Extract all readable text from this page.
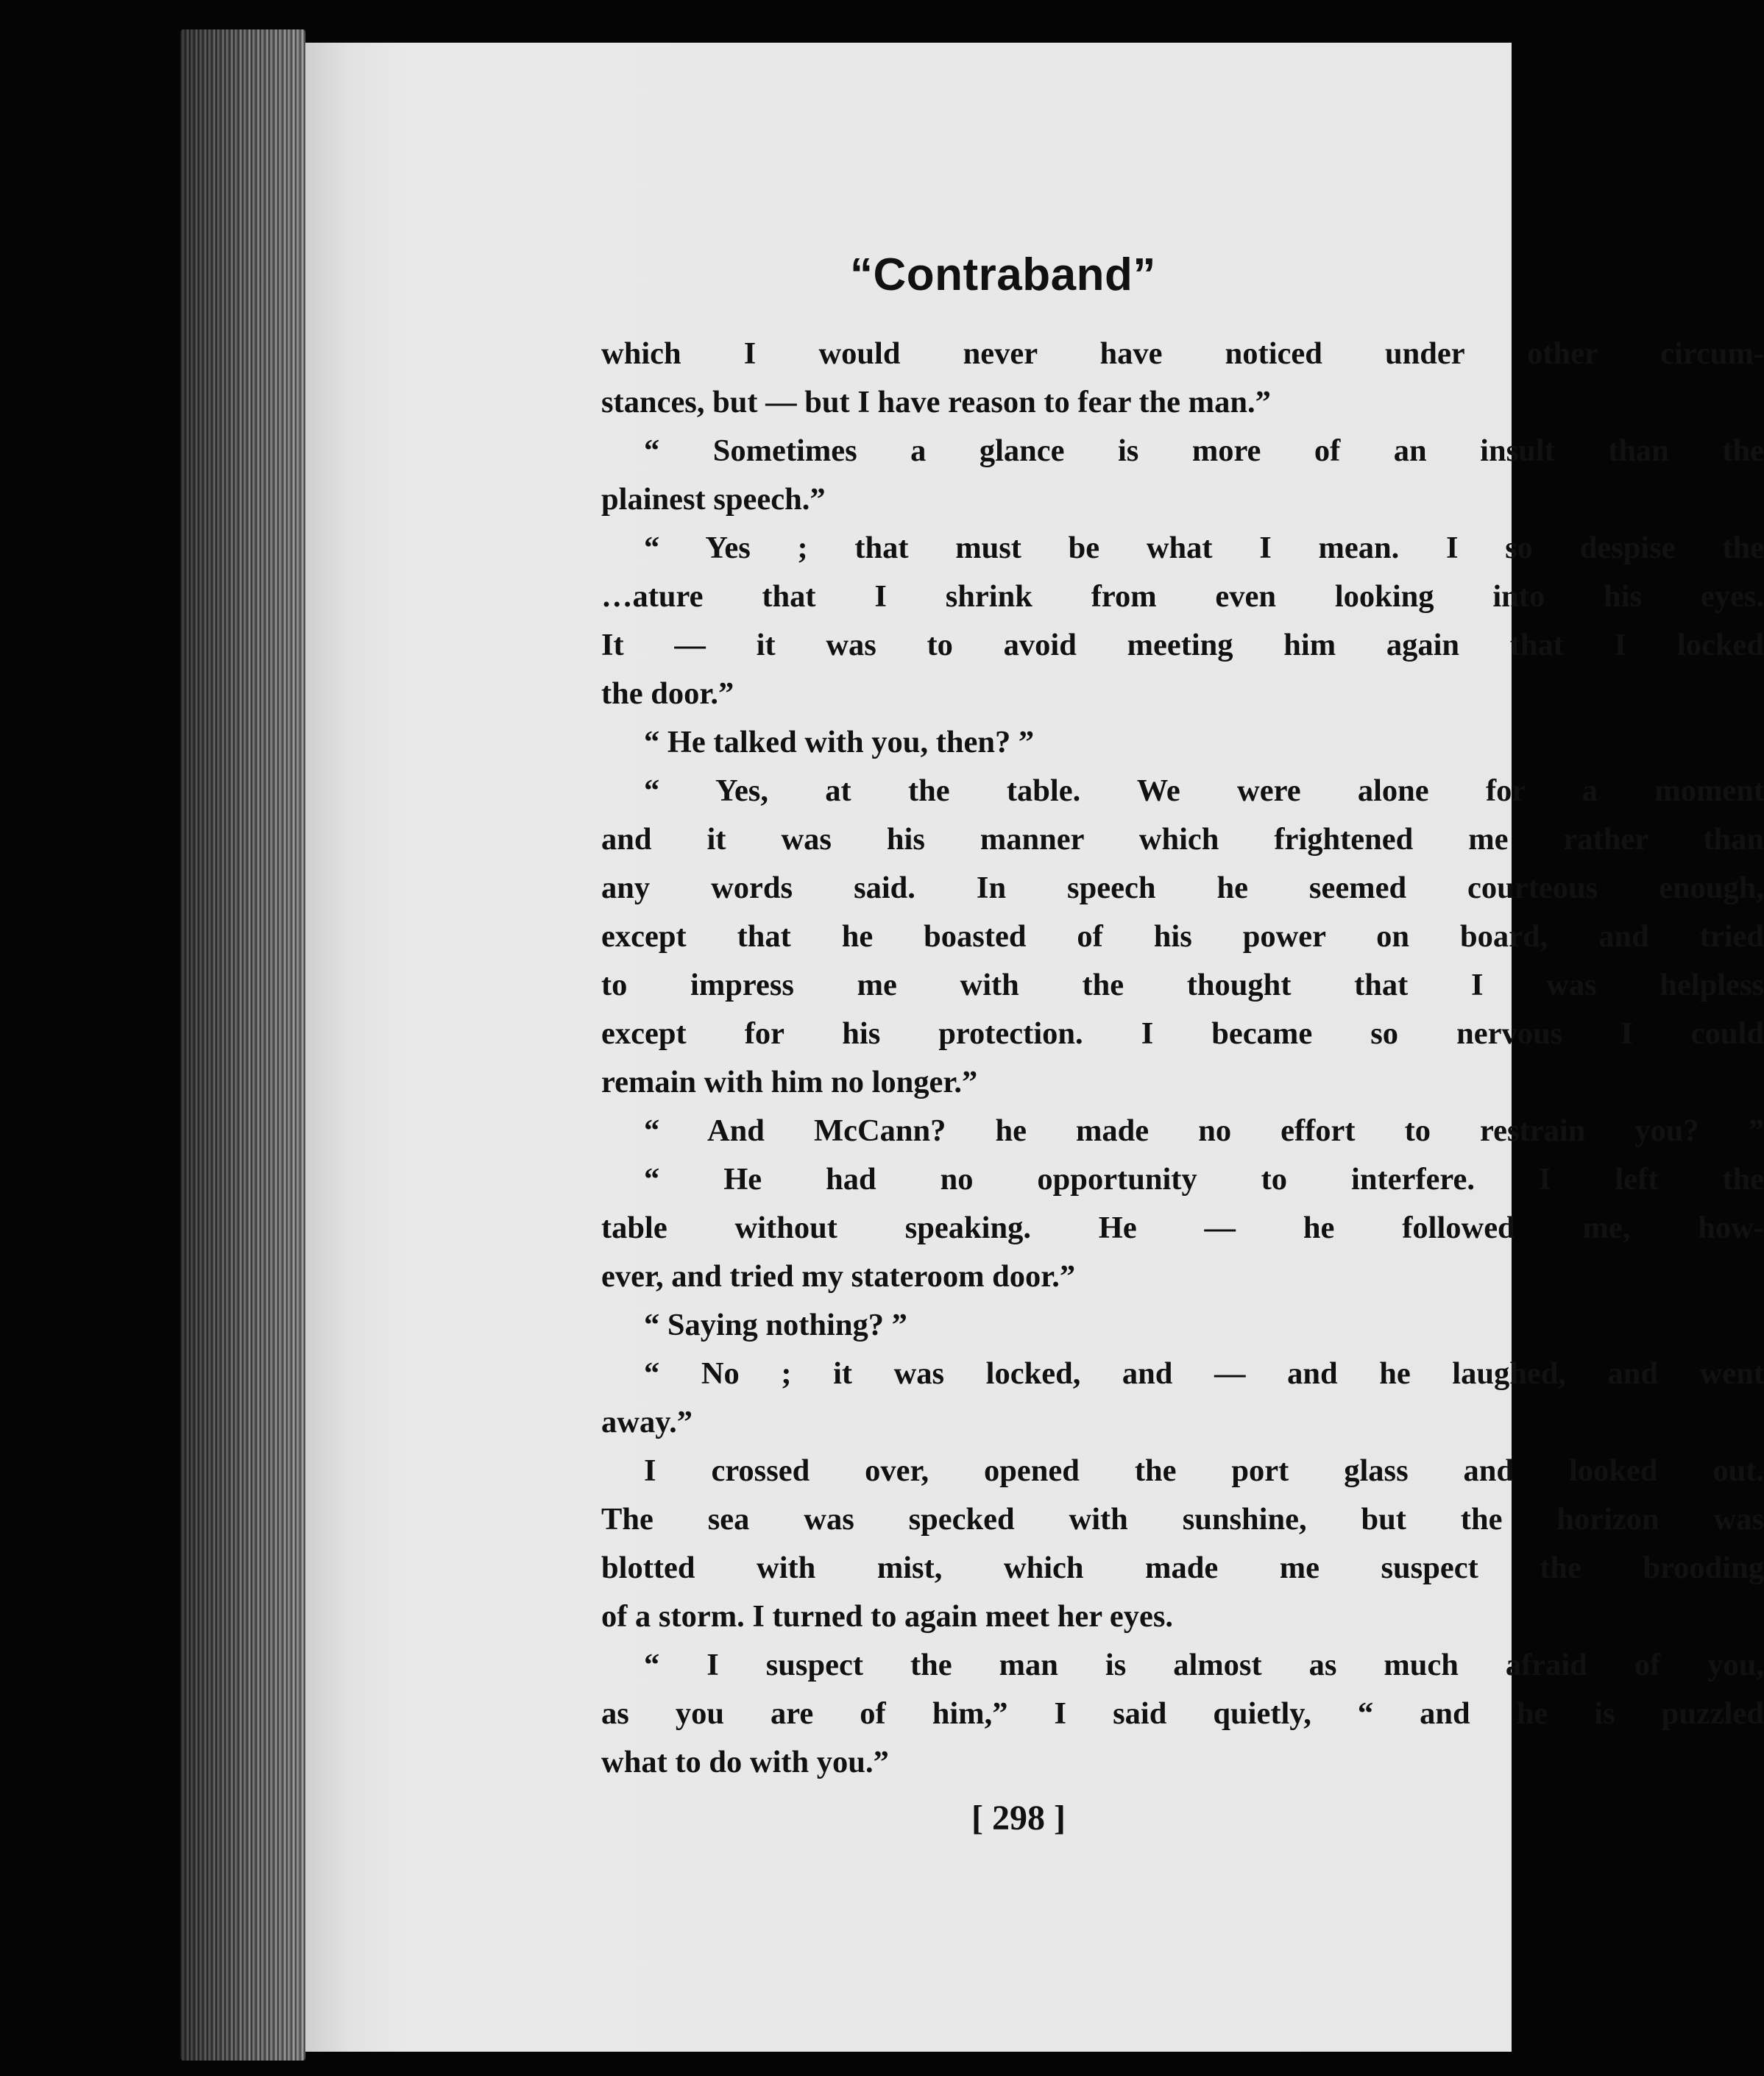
“Contraband”
which I would never have noticed under other circum-
stances, but — but I have reason to fear the man.”
“ Sometimes a glance is more of an insult than the
plainest speech.”
“ Yes ; that must be what I mean. I so despise the
…ature that I shrink from even looking into his eyes.
It — it was to avoid meeting him again that I locked
the door.”
“ He talked with you, then? ”
“ Yes, at the table. We were alone for a moment
and it was his manner which frightened me rather than
any words said. In speech he seemed courteous enough,
except that he boasted of his power on board, and tried
to impress me with the thought that I was helpless
except for his protection. I became so nervous I could
remain with him no longer.”
“ And McCann? he made no effort to restrain you? ”
“ He had no opportunity to interfere. I left the
table without speaking. He — he followed me, how-
ever, and tried my stateroom door.”
“ Saying nothing? ”
“ No ; it was locked, and — and he laughed, and went
away.”
I crossed over, opened the port glass and looked out.
The sea was specked with sunshine, but the horizon was
blotted with mist, which made me suspect the brooding
of a storm. I turned to again meet her eyes.
“ I suspect the man is almost as much afraid of you,
as you are of him,” I said quietly, “ and he is puzzled
what to do with you.”
[ 298 ]
